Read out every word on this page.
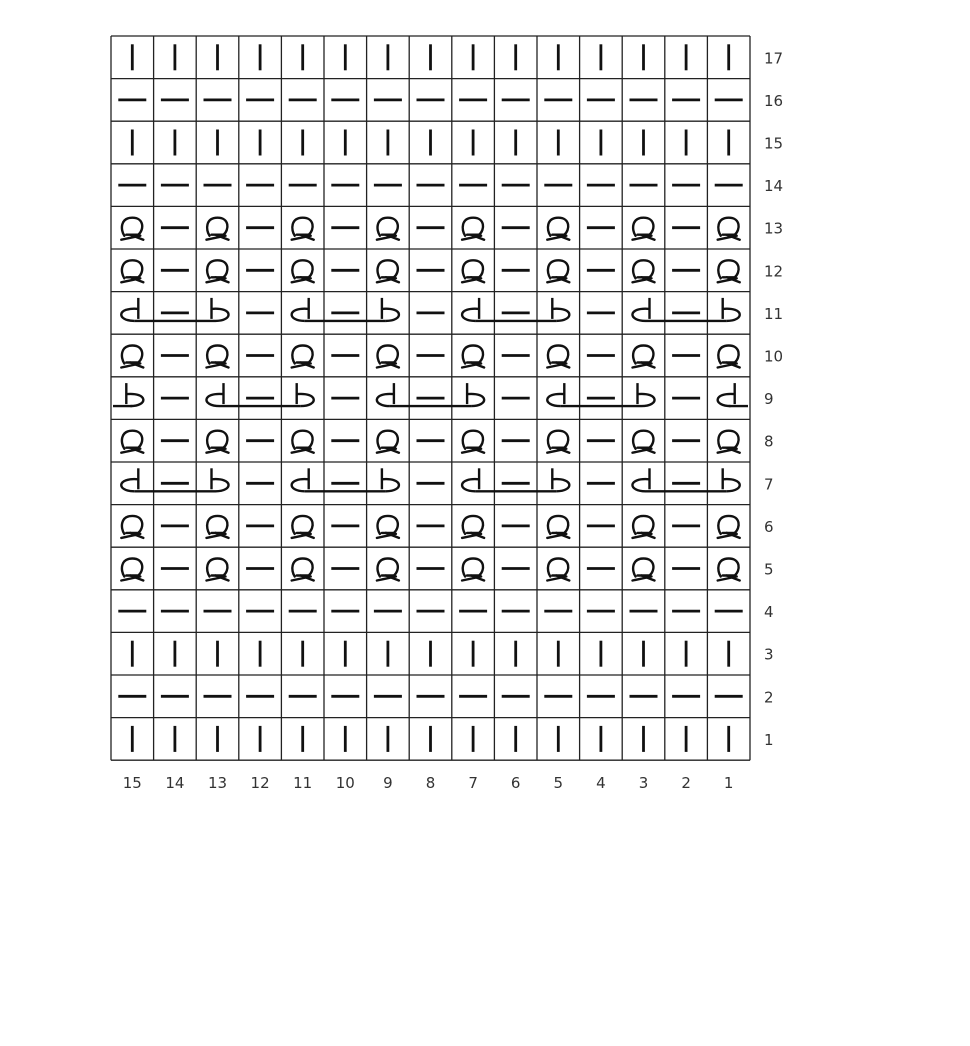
17
16
15
14
13
12
11
10
9
8
7
6
5
4
3
2
1
15 14 13 12 11 10 9 8 7 6 5 4 3 2 1
